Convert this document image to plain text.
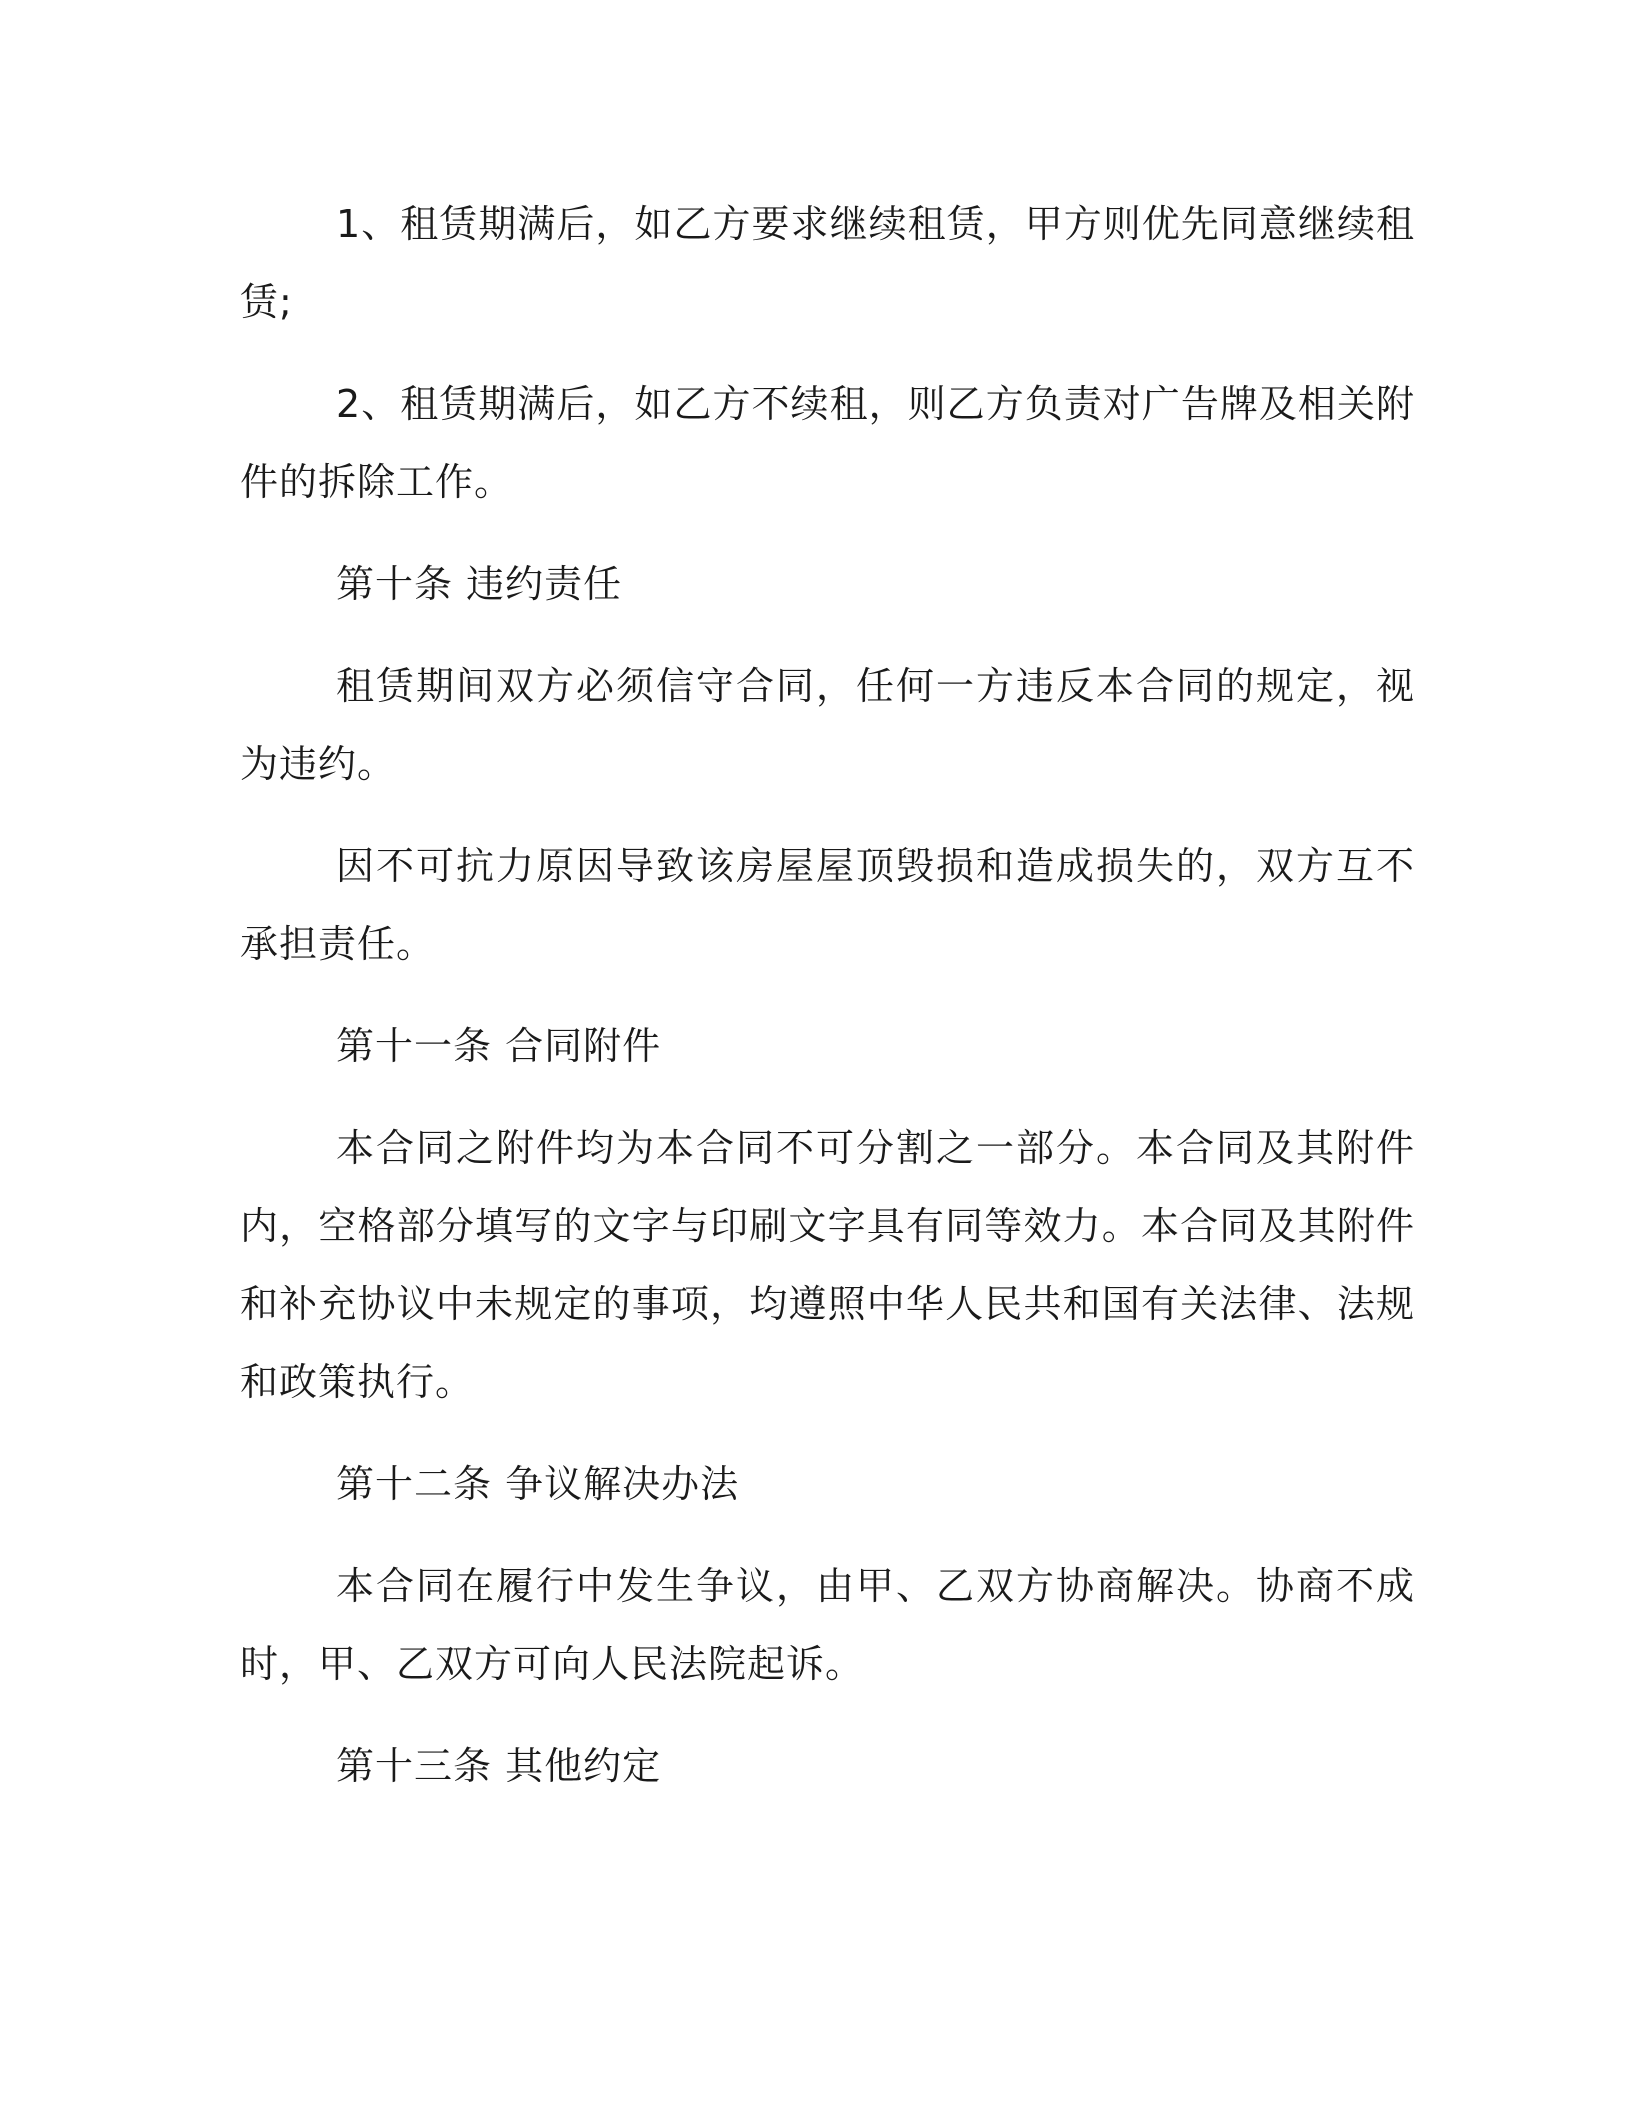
1、租赁期满后，如乙方要求继续租赁，甲方则优先同意继续租赁;

2、租赁期满后，如乙方不续租，则乙方负责对广告牌及相关附件的拆除工作。

第十条 违约责任

租赁期间双方必须信守合同，任何一方违反本合同的规定，视为违约。

因不可抗力原因导致该房屋屋顶毁损和造成损失的，双方互不承担责任。

第十一条 合同附件

本合同之附件均为本合同不可分割之一部分。本合同及其附件内，空格部分填写的文字与印刷文字具有同等效力。本合同及其附件和补充协议中未规定的事项，均遵照中华人民共和国有关法律、法规和政策执行。

第十二条 争议解决办法

本合同在履行中发生争议，由甲、乙双方协商解决。协商不成时，甲、乙双方可向人民法院起诉。

第十三条 其他约定
